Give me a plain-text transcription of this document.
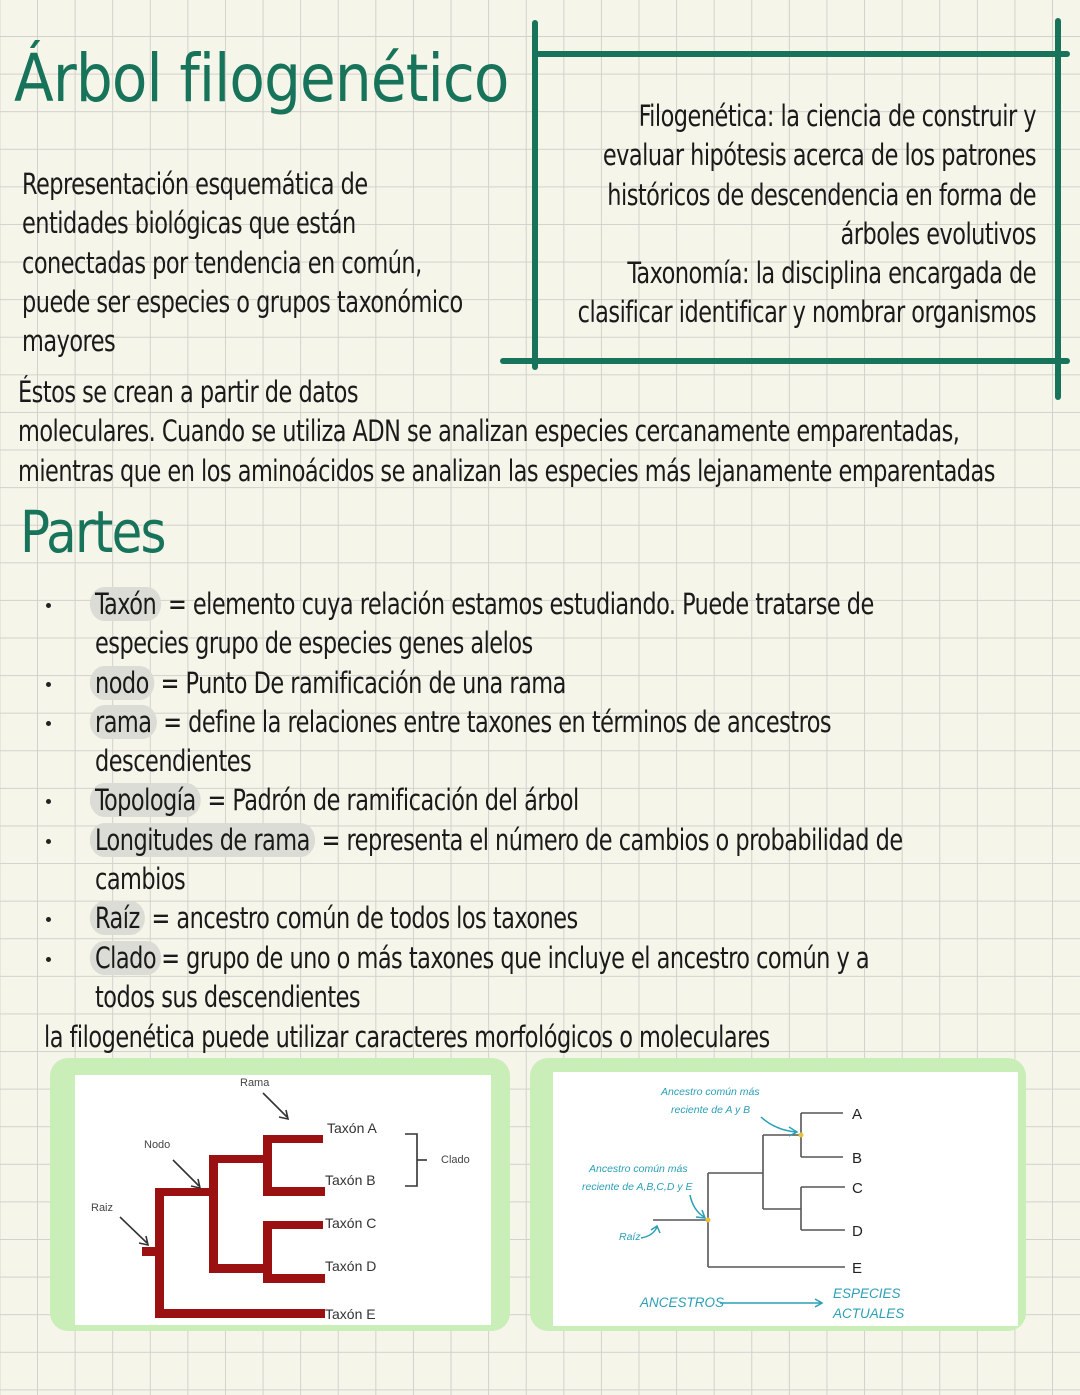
Árbol filogenético
Representación esquemática de
entidades biológicas que están
conectadas por tendencia en común,
puede ser especies o grupos taxonómico
mayores
Filogenética: la ciencia de construir y
evaluar hipótesis acerca de los patrones
históricos de descendencia en forma de
árboles evolutivos
Taxonomía: la disciplina encargada de
clasificar identificar y nombrar organismos
Éstos se crean a partir de datos
moleculares. Cuando se utiliza ADN se analizan especies cercanamente emparentadas,
mientras que en los aminoácidos se analizan las especies más lejanamente emparentadas
Partes
Taxón = elemento cuya relación estamos estudiando. Puede tratarse de
especies grupo de especies genes alelos
nodo = Punto De ramificación de una rama
rama = define la relaciones entre taxones en términos de ancestros
descendientes
Topología = Padrón de ramificación del árbol
Longitudes de rama = representa el número de cambios o probabilidad de
cambios
Raíz = ancestro común de todos los taxones
Clado = grupo de uno o más taxones que incluye el ancestro común y a
todos sus descendientes
la filogenética puede utilizar caracteres morfológicos o moleculares
Taxón A
Taxón B
Taxón C
Taxón D
Taxón E
Rama
Nodo
Raiz
Clado
A
B
C
D
E
Ancestro común más
reciente de A y B
Ancestro común más
reciente de A,B,C,D y E
Raíz
ANCESTROS
ESPECIES
ACTUALES
